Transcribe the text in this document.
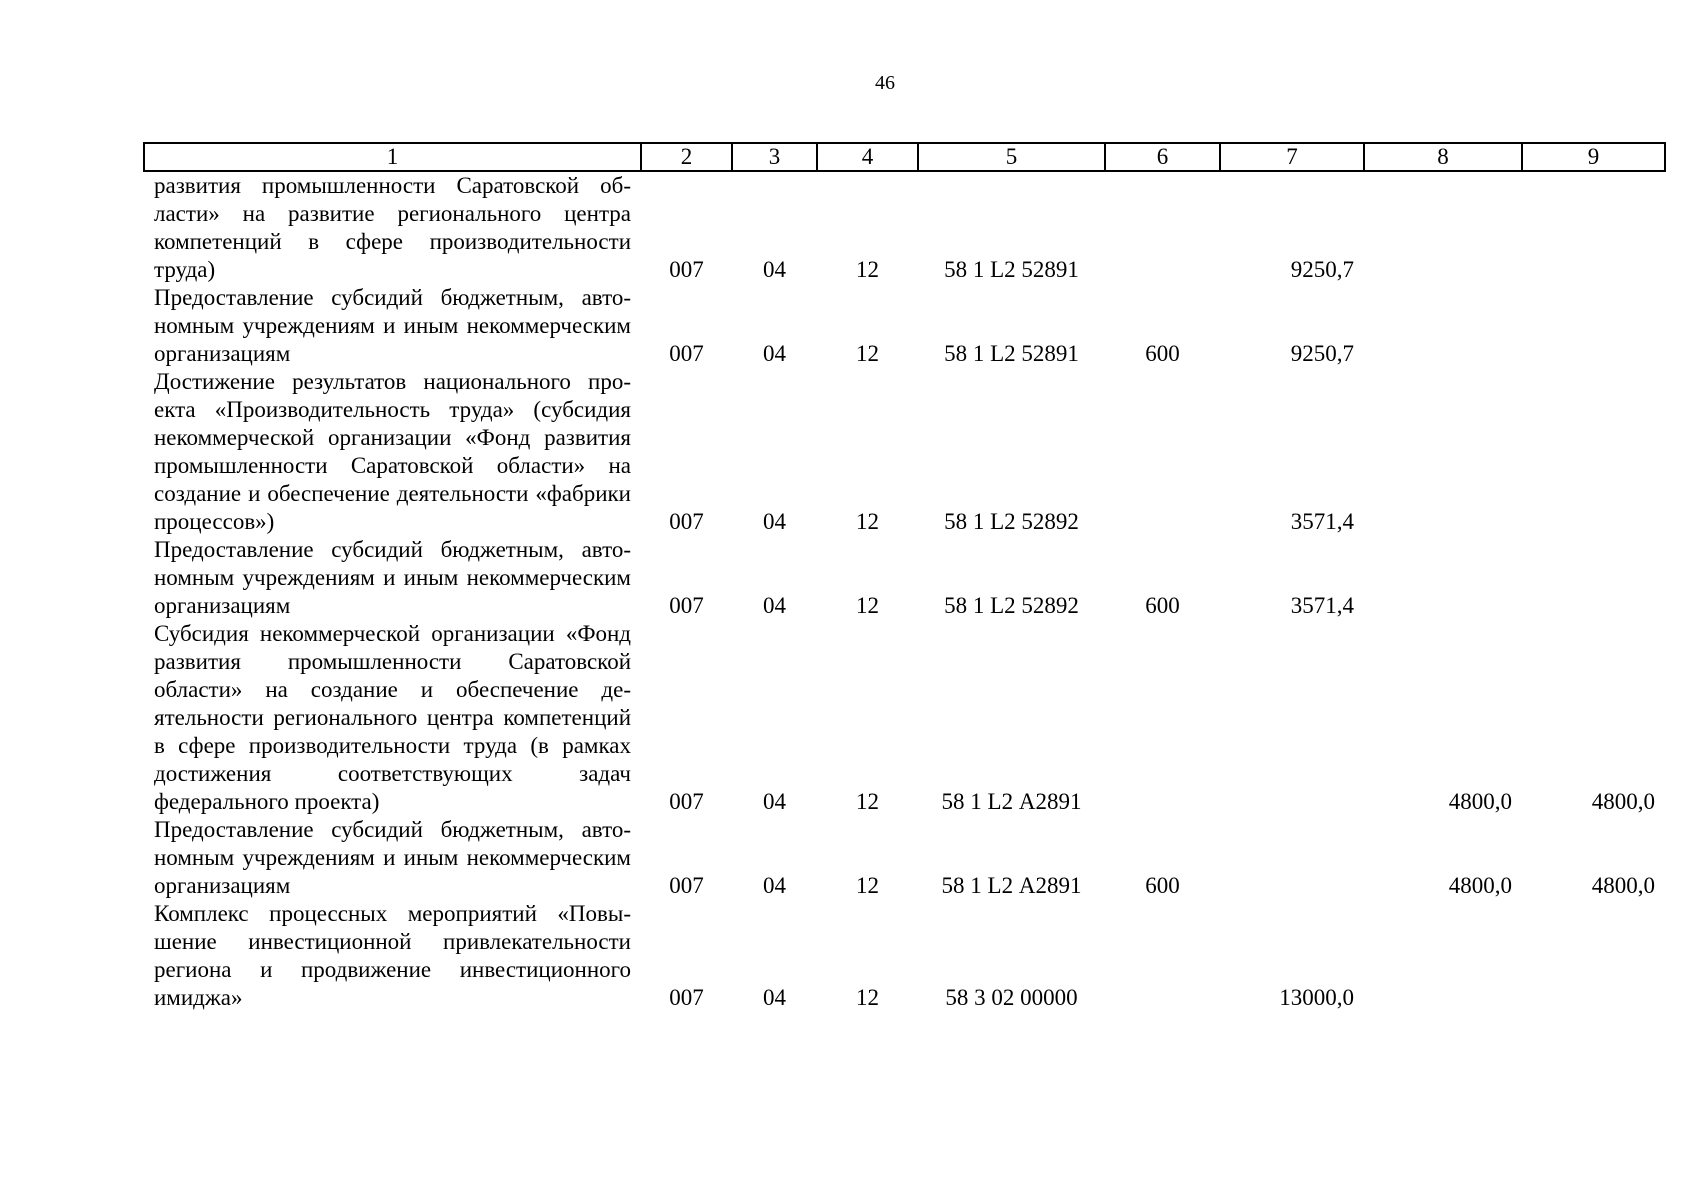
46
1	2	3	4	5	6	7	8	9
развития промышленности Саратовской области» на развитие регионального центра компетенций в сфере производительности труда)	007	04	12	58 1 L2 52891		9250,7		
Предоставление субсидий бюджетным, автономным учреждениям и иным некоммерческим организациям	007	04	12	58 1 L2 52891	600	9250,7		
Достижение результатов национального проекта «Производительность труда» (субсидия некоммерческой организации «Фонд развития промышленности Саратовской области» на создание и обеспечение деятельности «фабрики процессов»)	007	04	12	58 1 L2 52892		3571,4		
Предоставление субсидий бюджетным, автономным учреждениям и иным некоммерческим организациям	007	04	12	58 1 L2 52892	600	3571,4		
Субсидия некоммерческой организации «Фонд развития промышленности Саратовской области» на создание и обеспечение деятельности регионального центра компетенций в сфере производительности труда (в рамках достижения соответствующих задач федерального проекта)	007	04	12	58 1 L2 А2891			4800,0	4800,0
Предоставление субсидий бюджетным, автономным учреждениям и иным некоммерческим организациям	007	04	12	58 1 L2 А2891	600		4800,0	4800,0
Комплекс процессных мероприятий «Повышение инвестиционной привлекательности региона и продвижение инвестиционного имиджа»	007	04	12	58 3 02 00000		13000,0		
